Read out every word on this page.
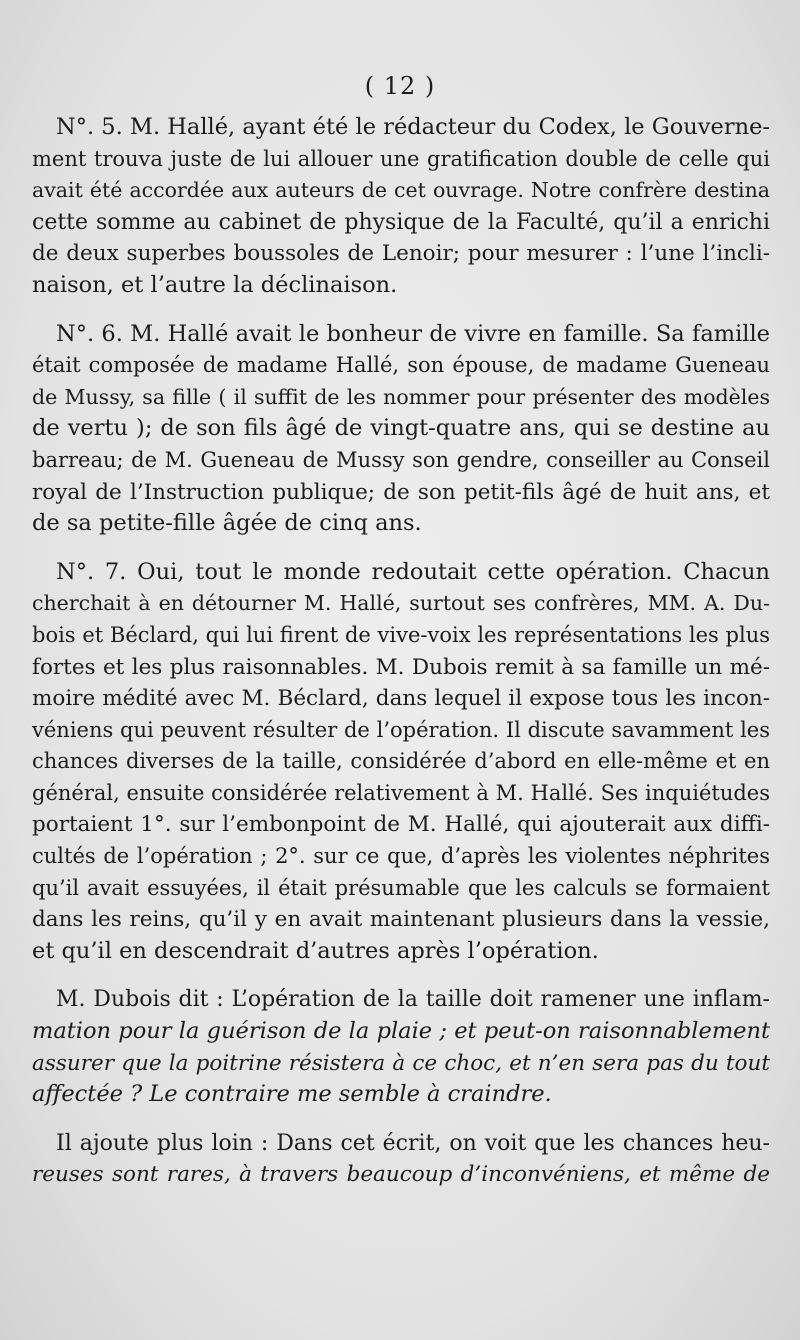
( 12 )
N°. 5. M. Hallé, ayant été le rédacteur du Codex, le Gouverne-
ment trouva juste de lui allouer une gratification double de celle qui
avait été accordée aux auteurs de cet ouvrage. Notre confrère destina
cette somme au cabinet de physique de la Faculté, qu’il a enrichi
de deux superbes boussoles de Lenoir; pour mesurer : l’une l’incli-
naison, et l’autre la déclinaison.
N°. 6. M. Hallé avait le bonheur de vivre en famille. Sa famille
était composée de madame Hallé, son épouse, de madame Gueneau
de Mussy, sa fille ( il suffit de les nommer pour présenter des modèles
de vertu ); de son fils âgé de vingt-quatre ans, qui se destine au
barreau; de M. Gueneau de Mussy son gendre, conseiller au Conseil
royal de l’Instruction publique; de son petit-fils âgé de huit ans, et
de sa petite-fille âgée de cinq ans.
N°. 7. Oui, tout le monde redoutait cette opération. Chacun
cherchait à en détourner M. Hallé, surtout ses confrères, MM. A. Du-
bois et Béclard, qui lui firent de vive-voix les représentations les plus
fortes et les plus raisonnables. M. Dubois remit à sa famille un mé-
moire médité avec M. Béclard, dans lequel il expose tous les incon-
véniens qui peuvent résulter de l’opération. Il discute savamment les
chances diverses de la taille, considérée d’abord en elle-même et en
général, ensuite considérée relativement à M. Hallé. Ses inquiétudes
portaient 1°. sur l’embonpoint de M. Hallé, qui ajouterait aux diffi-
cultés de l’opération ; 2°. sur ce que, d’après les violentes néphrites
qu’il avait essuyées, il était présumable que les calculs se formaient
dans les reins, qu’il y en avait maintenant plusieurs dans la vessie,
et qu’il en descendrait d’autres après l’opération.
M. Dubois dit : L’opération de la taille doit ramener une inflam-
mation pour la guérison de la plaie ; et peut-on raisonnablement
assurer que la poitrine résistera à ce choc, et n’en sera pas du tout
affectée ? Le contraire me semble à craindre.
Il ajoute plus loin : Dans cet écrit, on voit que les chances heu-
reuses sont rares, à travers beaucoup d’inconvéniens, et même de
